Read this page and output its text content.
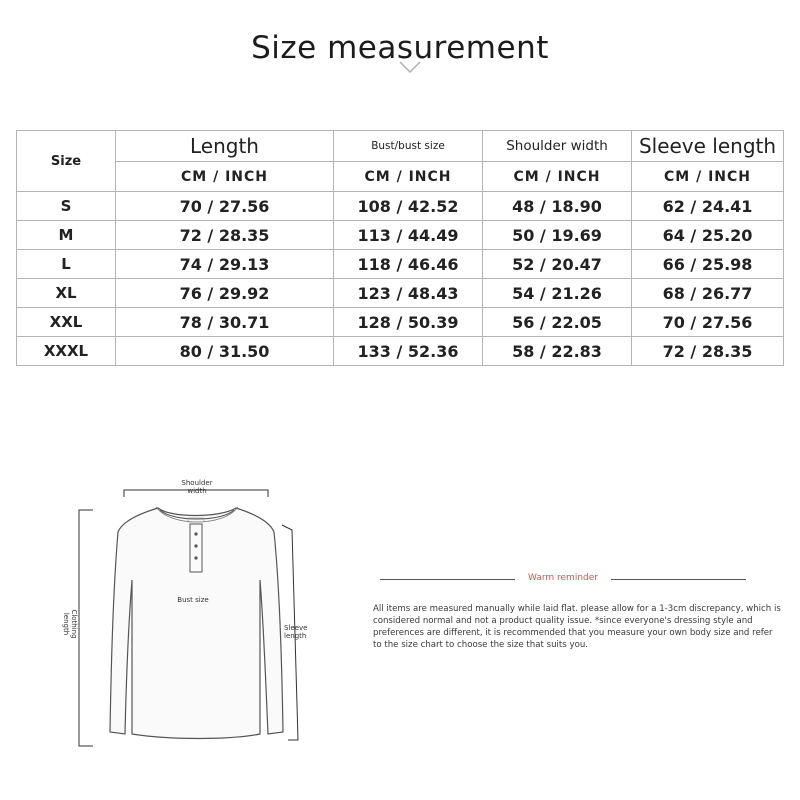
Size measurement
Size	Length	Bust/bust size	Shoulder width	Sleeve length
	CM / INCH	CM / INCH	CM / INCH	CM / INCH
S	70 / 27.56	108 / 42.52	48 / 18.90	62 / 24.41
M	72 / 28.35	113 / 44.49	50 / 19.69	64 / 25.20
L	74 / 29.13	118 / 46.46	52 / 20.47	66 / 25.98
XL	76 / 29.92	123 / 48.43	54 / 21.26	68 / 26.77
XXL	78 / 30.71	128 / 50.39	56 / 22.05	70 / 27.56
XXXL	80 / 31.50	133 / 52.36	58 / 22.83	72 / 28.35
Shoulder
width
Bust size
Clothing
length	Sleeve
length
Warm reminder
All items are measured manually while laid flat. please allow for a 1-3cm discrepancy, which is considered normal and not a product quality issue. *since everyone's dressing style and preferences are different, it is recommended that you measure your own body size and refer to the size chart to choose the size that suits you.
